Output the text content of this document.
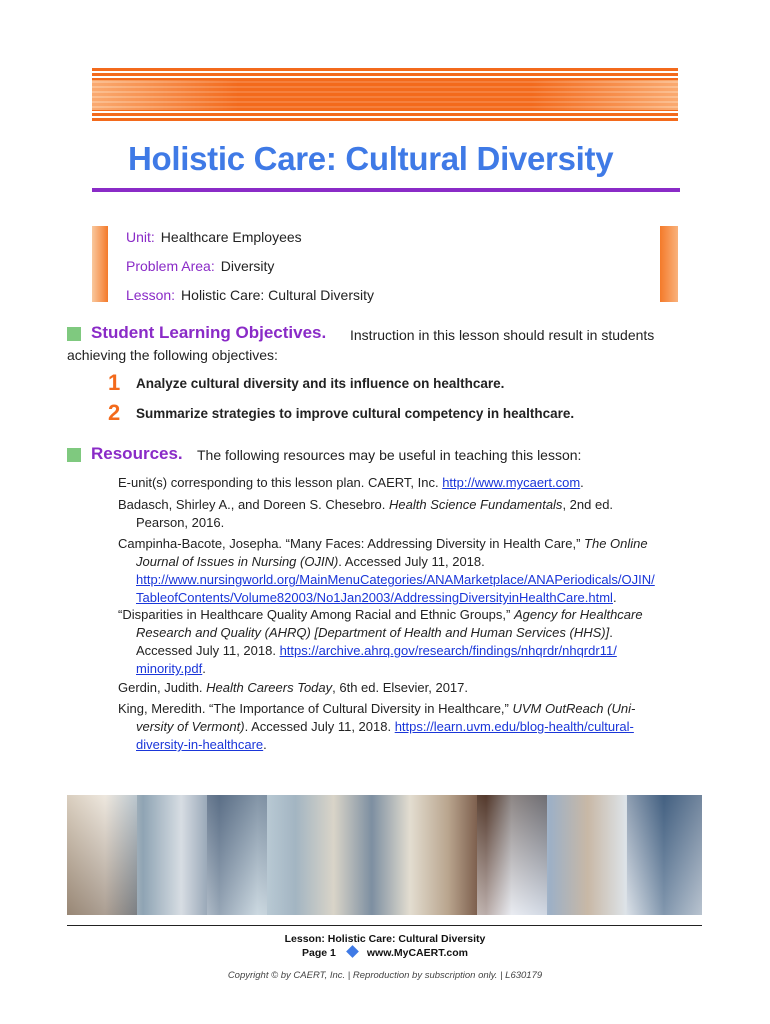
Holistic Care: Cultural Diversity
Unit: Healthcare Employees
Problem Area: Diversity
Lesson: Holistic Care: Cultural Diversity
Student Learning Objectives. Instruction in this lesson should result in students
achieving the following objectives:
1 Analyze cultural diversity and its influence on healthcare.
2 Summarize strategies to improve cultural competency in healthcare.
Resources. The following resources may be useful in teaching this lesson:
E-unit(s) corresponding to this lesson plan. CAERT, Inc. http://www.mycaert.com.
Badasch, Shirley A., and Doreen S. Chesebro. Health Science Fundamentals, 2nd ed.
Pearson, 2016.
Campinha-Bacote, Josepha. “Many Faces: Addressing Diversity in Health Care,” The Online
Journal of Issues in Nursing (OJIN). Accessed July 11, 2018.
http://www.nursingworld.org/MainMenuCategories/ANAMarketplace/ANAPeriodicals/OJIN/
TableofContents/Volume82003/No1Jan2003/AddressingDiversityinHealthCare.html.
“Disparities in Healthcare Quality Among Racial and Ethnic Groups,” Agency for Healthcare
Research and Quality (AHRQ) [Department of Health and Human Services (HHS)].
Accessed July 11, 2018. https://archive.ahrq.gov/research/findings/nhqrdr/nhqrdr11/
minority.pdf.
Gerdin, Judith. Health Careers Today, 6th ed. Elsevier, 2017.
King, Meredith. “The Importance of Cultural Diversity in Healthcare,” UVM OutReach (Uni-
versity of Vermont). Accessed July 11, 2018. https://learn.uvm.edu/blog-health/cultural-
diversity-in-healthcare.
Lesson: Holistic Care: Cultural Diversity
Page 1	www.MyCAERT.com
Copyright © by CAERT, Inc. | Reproduction by subscription only. | L630179
